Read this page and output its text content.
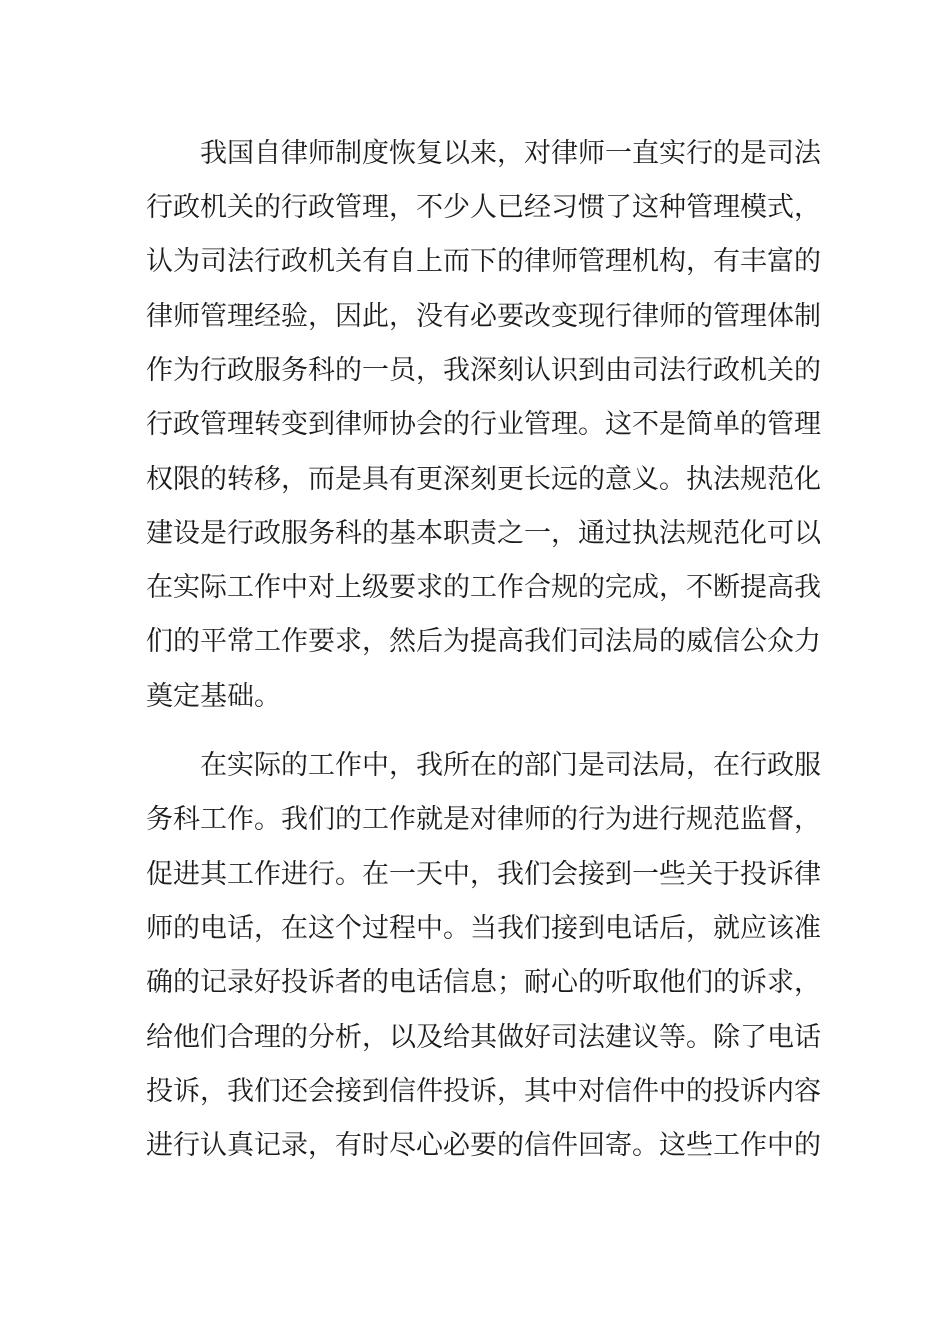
我国自律师制度恢复以来，对律师一直实行的是司法
行政机关的行政管理，不少人已经习惯了这种管理模式，
认为司法行政机关有自上而下的律师管理机构，有丰富的
律师管理经验，因此，没有必要改变现行律师的管理体制
作为行政服务科的一员，我深刻认识到由司法行政机关的
行政管理转变到律师协会的行业管理。这不是简单的管理
权限的转移，而是具有更深刻更长远的意义。执法规范化
建设是行政服务科的基本职责之一，通过执法规范化可以
在实际工作中对上级要求的工作合规的完成，不断提高我
们的平常工作要求，然后为提高我们司法局的威信公众力
奠定基础。
在实际的工作中，我所在的部门是司法局，在行政服
务科工作。我们的工作就是对律师的行为进行规范监督，
促进其工作进行。在一天中，我们会接到一些关于投诉律
师的电话，在这个过程中。当我们接到电话后，就应该准
确的记录好投诉者的电话信息；耐心的听取他们的诉求，
给他们合理的分析，以及给其做好司法建议等。除了电话
投诉，我们还会接到信件投诉，其中对信件中的投诉内容
进行认真记录，有时尽心必要的信件回寄。这些工作中的
